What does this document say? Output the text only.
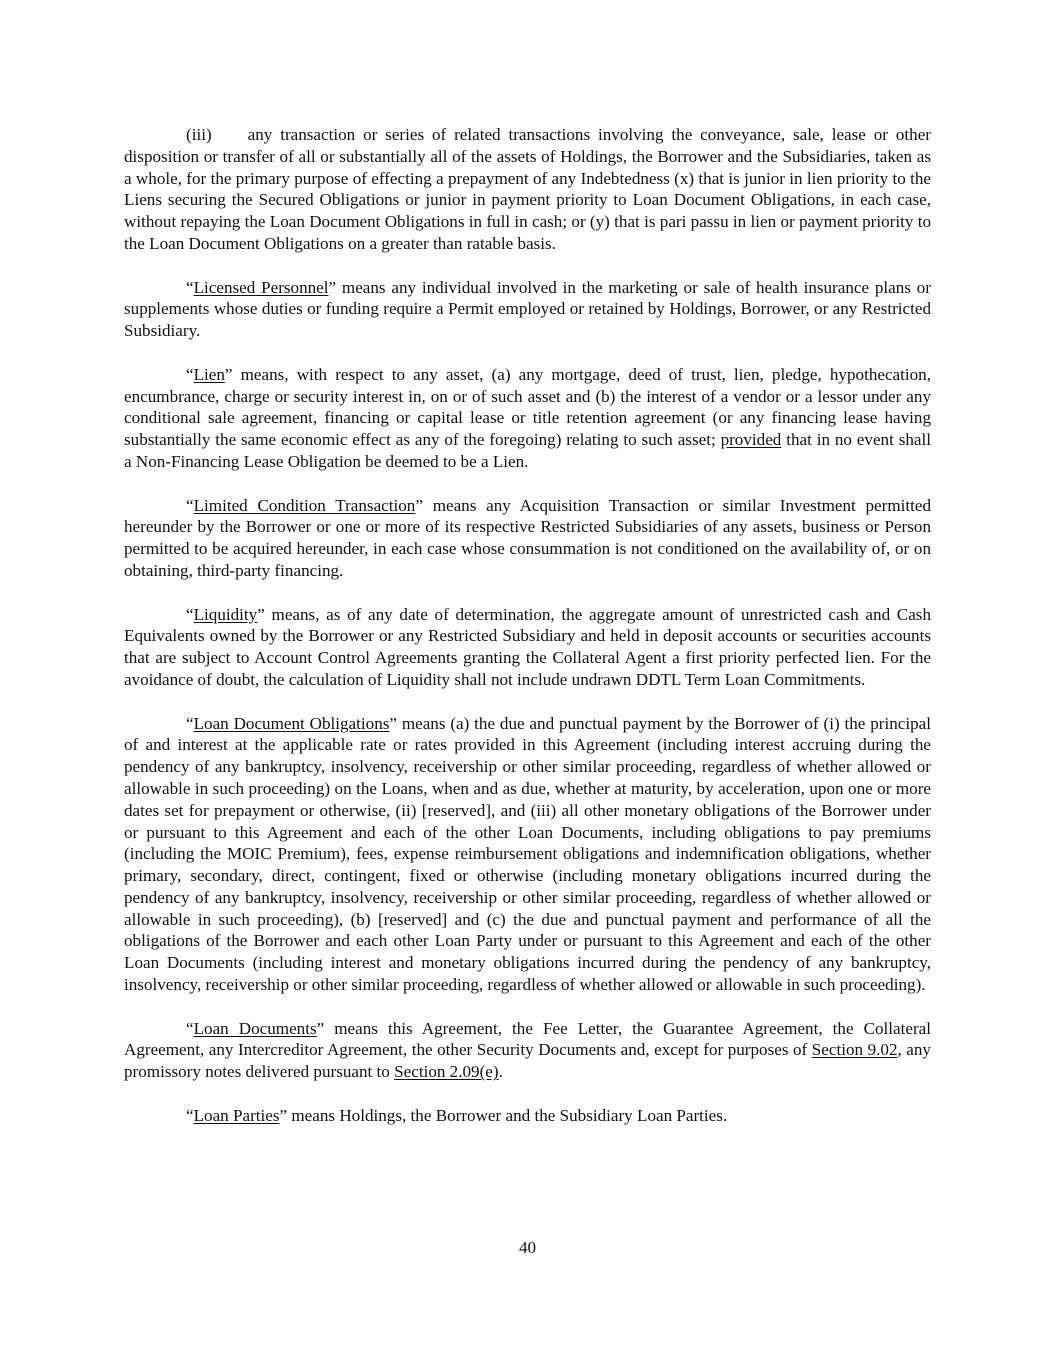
(iii) any transaction or series of related transactions involving the conveyance, sale, lease or other disposition or transfer of all or substantially all of the assets of Holdings, the Borrower and the Subsidiaries, taken as a whole, for the primary purpose of effecting a prepayment of any Indebtedness (x) that is junior in lien priority to the Liens securing the Secured Obligations or junior in payment priority to Loan Document Obligations, in each case, without repaying the Loan Document Obligations in full in cash; or (y) that is pari passu in lien or payment priority to the Loan Document Obligations on a greater than ratable basis.

“Licensed Personnel” means any individual involved in the marketing or sale of health insurance plans or supplements whose duties or funding require a Permit employed or retained by Holdings, Borrower, or any Restricted Subsidiary.

“Lien” means, with respect to any asset, (a) any mortgage, deed of trust, lien, pledge, hypothecation, encumbrance, charge or security interest in, on or of such asset and (b) the interest of a vendor or a lessor under any conditional sale agreement, financing or capital lease or title retention agreement (or any financing lease having substantially the same economic effect as any of the foregoing) relating to such asset; provided that in no event shall a Non-Financing Lease Obligation be deemed to be a Lien.

“Limited Condition Transaction” means any Acquisition Transaction or similar Investment permitted hereunder by the Borrower or one or more of its respective Restricted Subsidiaries of any assets, business or Person permitted to be acquired hereunder, in each case whose consummation is not conditioned on the availability of, or on obtaining, third-party financing.

“Liquidity” means, as of any date of determination, the aggregate amount of unrestricted cash and Cash Equivalents owned by the Borrower or any Restricted Subsidiary and held in deposit accounts or securities accounts that are subject to Account Control Agreements granting the Collateral Agent a first priority perfected lien. For the avoidance of doubt, the calculation of Liquidity shall not include undrawn DDTL Term Loan Commitments.

“Loan Document Obligations” means (a) the due and punctual payment by the Borrower of (i) the principal of and interest at the applicable rate or rates provided in this Agreement (including interest accruing during the pendency of any bankruptcy, insolvency, receivership or other similar proceeding, regardless of whether allowed or allowable in such proceeding) on the Loans, when and as due, whether at maturity, by acceleration, upon one or more dates set for prepayment or otherwise, (ii) [reserved], and (iii) all other monetary obligations of the Borrower under or pursuant to this Agreement and each of the other Loan Documents, including obligations to pay premiums (including the MOIC Premium), fees, expense reimbursement obligations and indemnification obligations, whether primary, secondary, direct, contingent, fixed or otherwise (including monetary obligations incurred during the pendency of any bankruptcy, insolvency, receivership or other similar proceeding, regardless of whether allowed or allowable in such proceeding), (b) [reserved] and (c) the due and punctual payment and performance of all the obligations of the Borrower and each other Loan Party under or pursuant to this Agreement and each of the other Loan Documents (including interest and monetary obligations incurred during the pendency of any bankruptcy, insolvency, receivership or other similar proceeding, regardless of whether allowed or allowable in such proceeding).

“Loan Documents” means this Agreement, the Fee Letter, the Guarantee Agreement, the Collateral Agreement, any Intercreditor Agreement, the other Security Documents and, except for purposes of Section 9.02, any promissory notes delivered pursuant to Section 2.09(e).

“Loan Parties” means Holdings, the Borrower and the Subsidiary Loan Parties.

40
